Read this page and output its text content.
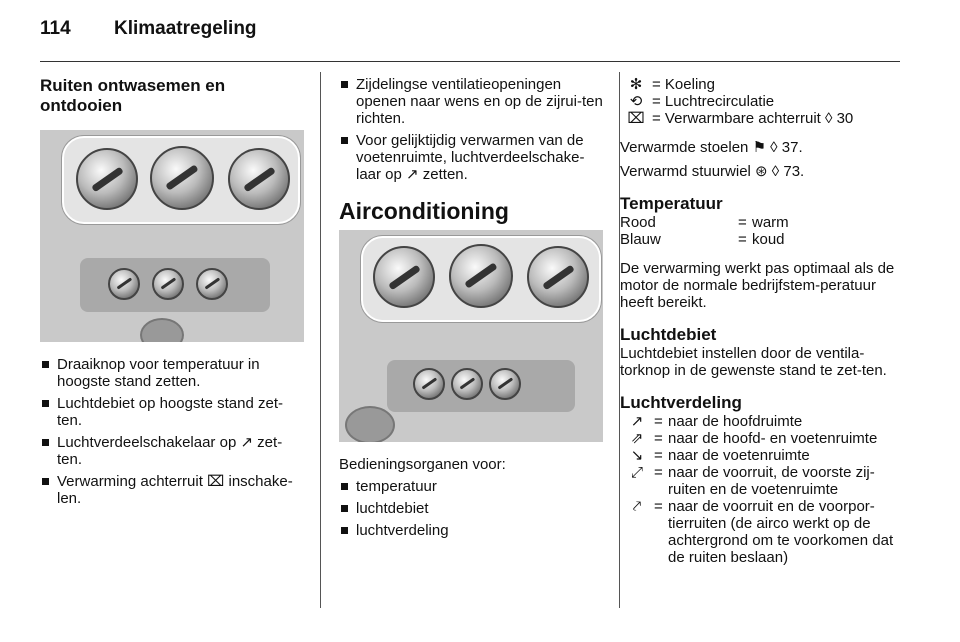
114 Klimaatregeling
Ruiten ontwasemen en ontdooien
Draaiknop voor temperatuur in hoogste stand zetten.
Luchtdebiet op hoogste stand zet-ten.
Luchtverdeelschakelaar op ↗ zet-ten.
Verwarming achterruit ⌧ inschake-len.
Zijdelingse ventilatieopeningen openen naar wens en op de zijrui-ten richten.
Voor gelijktijdig verwarmen van de voetenruimte, luchtverdeelschake-laar op ↗ zetten.
Airconditioning

Bedieningsorganen voor:

temperatuur
luchtdebiet
luchtverdeling
✻ = Koeling
⟲ = Luchtrecirculatie
⌧ = Verwarmbare achterruit ◊ 30

Verwarmde stoelen ⚑ ◊ 37.

Verwarmd stuurwiel ⊛ ◊ 73.

Temperatuur
Rood	= warm
Blauw	= koud

De verwarming werkt pas optimaal als de motor de normale bedrijfstem-peratuur heeft bereikt.

Luchtdebiet

Luchtdebiet instellen door de ventila-torknop in de gewenste stand te zet-ten.

Luchtverdeling
↗ = naar de hoofdruimte
⇗ = naar de hoofd- en voetenruimte
↘ = naar de voetenruimte
⤢ = naar de voorruit, de voorste zij-ruiten en de voetenruimte
⤤ = naar de voorruit en de voorpor-tierruiten (de airco werkt op de achtergrond om te voorkomen dat de ruiten beslaan)
